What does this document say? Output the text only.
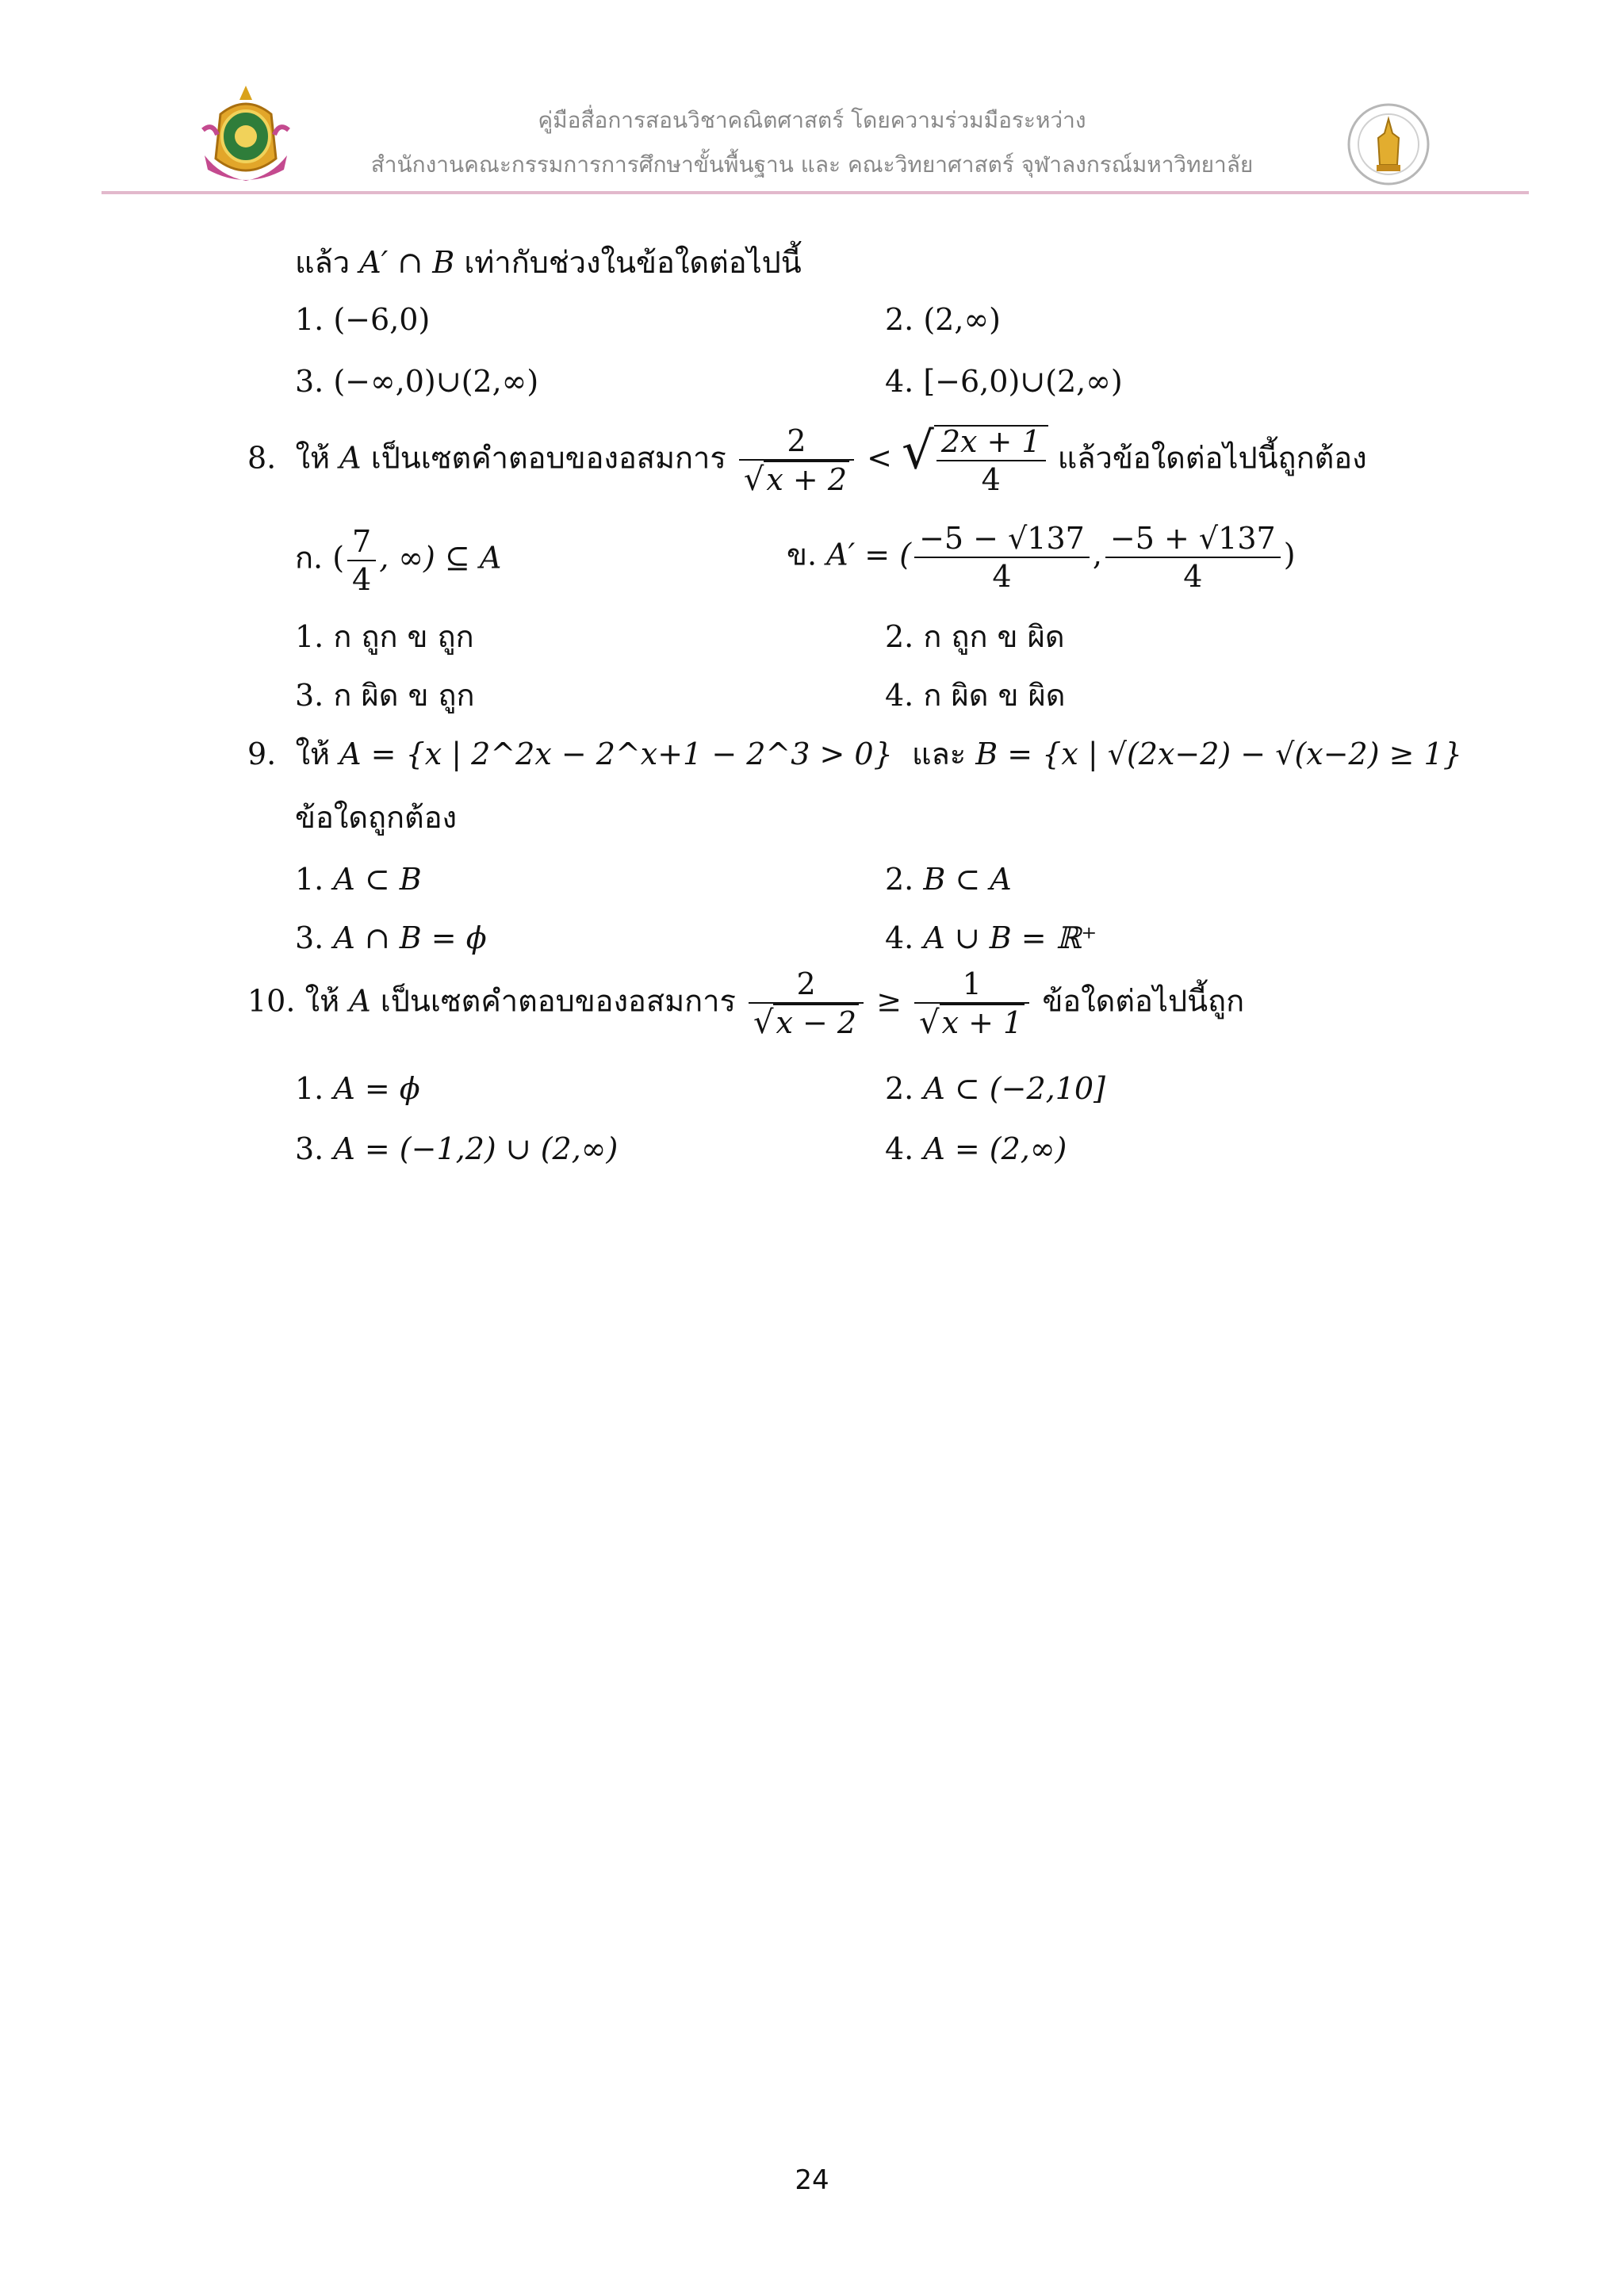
คู่มือสื่อการสอนวิชาคณิตศาสตร์ โดยความร่วมมือระหว่าง
สำนักงานคณะกรรมการการศึกษาขั้นพื้นฐาน และ คณะวิทยาศาสตร์ จุฬาลงกรณ์มหาวิทยาลัย
แล้ว A′ ∩ B เท่ากับช่วงในข้อใดต่อไปนี้
1. (−6,0)	2. (2,∞)
3. (−∞,0)∪(2,∞)	4. [−6,0)∪(2,∞)
8. ให้ A เป็นเซตคำตอบของอสมการ $\frac{2}{√x + 2}$ < √ $\frac{2x + 1}{4}$ แล้วข้อใดต่อไปนี้ถูกต้อง
ก. ( $\frac{7}{4}$ , ∞) ⊆ A	ข. A′ = ( $\frac{-5 - √137}{4}$ , $\frac{-5 + √137}{4}$ )
1. ก ถูก ข ถูก	2. ก ถูก ข ผิด
3. ก ผิด ข ถูก	4. ก ผิด ข ผิด
9. ให้ A = {x | 2^2x − 2^x+1 − 2^3 > 0} และ B = {x | √(2x−2) − √(x−2) ≥ 1}
ข้อใดถูกต้อง
1. A ⊂ B	2. B ⊂ A
3. A ∩ B = ϕ	4. A ∪ B = ℝ⁺
10. ให้ A เป็นเซตคำตอบของอสมการ $\frac{2}{√x - 2} \ge \frac{1}{√x + 1}$ ข้อใดต่อไปนี้ถูก
1. A = ϕ	2. A ⊂ (−2,10]
3. A = (−1,2) ∪ (2,∞)	4. A = (2,∞)
24
